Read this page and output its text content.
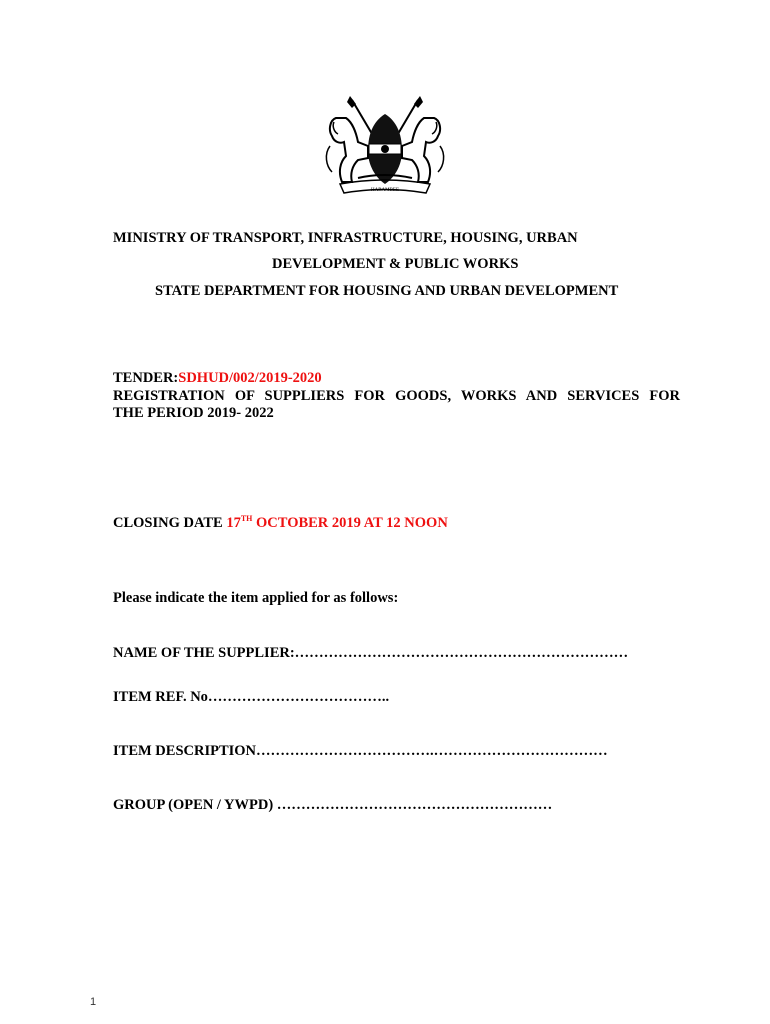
HARAMBEE
MINISTRY OF TRANSPORT, INFRASTRUCTURE, HOUSING, URBAN
DEVELOPMENT & PUBLIC WORKS
STATE DEPARTMENT FOR HOUSING AND URBAN DEVELOPMENT
TENDER:SDHUD/002/2019-2020
REGISTRATION OF SUPPLIERS FOR GOODS, WORKS AND SERVICES FOR
THE PERIOD 2019- 2022
CLOSING DATE 17TH OCTOBER 2019 AT 12 NOON
Please indicate the item applied for as follows:
NAME OF THE SUPPLIER:……………………………………………………………
ITEM REF. No………………………………..
ITEM DESCRIPTION……………………………….………………………………
GROUP (OPEN / YWPD) …………………………………………………
1
